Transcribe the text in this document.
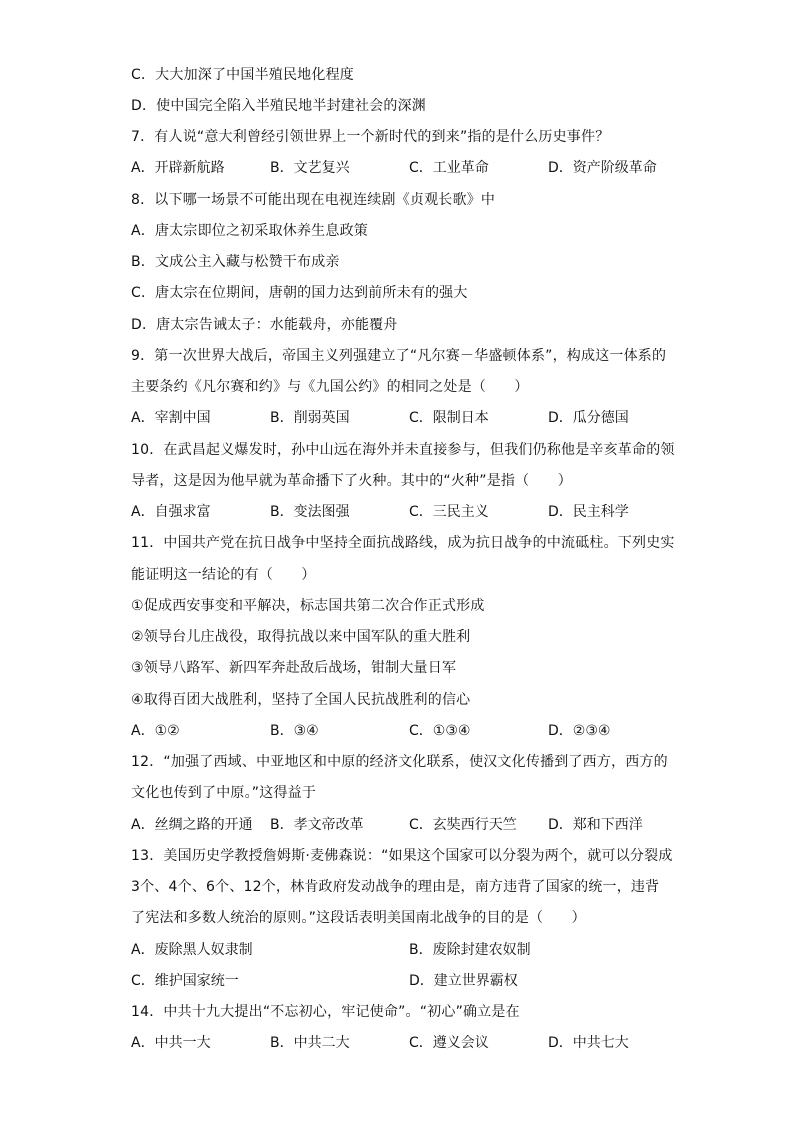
C．大大加深了中国半殖民地化程度
D．使中国完全陷入半殖民地半封建社会的深渊
7．有人说“意大利曾经引领世界上一个新时代的到来”指的是什么历史事件？
A．开辟新航路	B．文艺复兴	C．工业革命	D．资产阶级革命
8．以下哪一场景不可能出现在电视连续剧《贞观长歌》中
A．唐太宗即位之初采取休养生息政策
B．文成公主入藏与松赞干布成亲
C．唐太宗在位期间，唐朝的国力达到前所未有的强大
D．唐太宗告诫太子：水能载舟，亦能覆舟
9．第一次世界大战后，帝国主义列强建立了“凡尔赛－华盛顿体系”，构成这一体系的
主要条约《凡尔赛和约》与《九国公约》的相同之处是（　　）
A．宰割中国	B．削弱英国	C．限制日本	D．瓜分德国
10．在武昌起义爆发时，孙中山远在海外并未直接参与，但我们仍称他是辛亥革命的领
导者，这是因为他早就为革命播下了火种。其中的“火种”是指（　　）
A．自强求富	B．变法图强	C．三民主义	D．民主科学
11．中国共产党在抗日战争中坚持全面抗战路线，成为抗日战争的中流砥柱。下列史实
能证明这一结论的有（　　）
①促成西安事变和平解决，标志国共第二次合作正式形成
②领导台儿庄战役，取得抗战以来中国军队的重大胜利
③领导八路军、新四军奔赴敌后战场，钳制大量日军
④取得百团大战胜利，坚持了全国人民抗战胜利的信心
A．①②	B．③④	C．①③④	D．②③④
12．“加强了西域、中亚地区和中原的经济文化联系，使汉文化传播到了西方，西方的
文化也传到了中原。”这得益于
A．丝绸之路的开通 B．孝文帝改革	C．玄奘西行天竺 D．郑和下西洋
13．美国历史学教授詹姆斯·麦佛森说：“如果这个国家可以分裂为两个，就可以分裂成
3个、4个、6个、12个，林肯政府发动战争的理由是，南方违背了国家的统一，违背
了宪法和多数人统治的原则。”这段话表明美国南北战争的目的是（　　）
A．废除黑人奴隶制	B．废除封建农奴制
C．维护国家统一	D．建立世界霸权
14．中共十九大提出“不忘初心，牢记使命”。“初心”确立是在
A．中共一大	B．中共二大	C．遵义会议	D．中共七大
